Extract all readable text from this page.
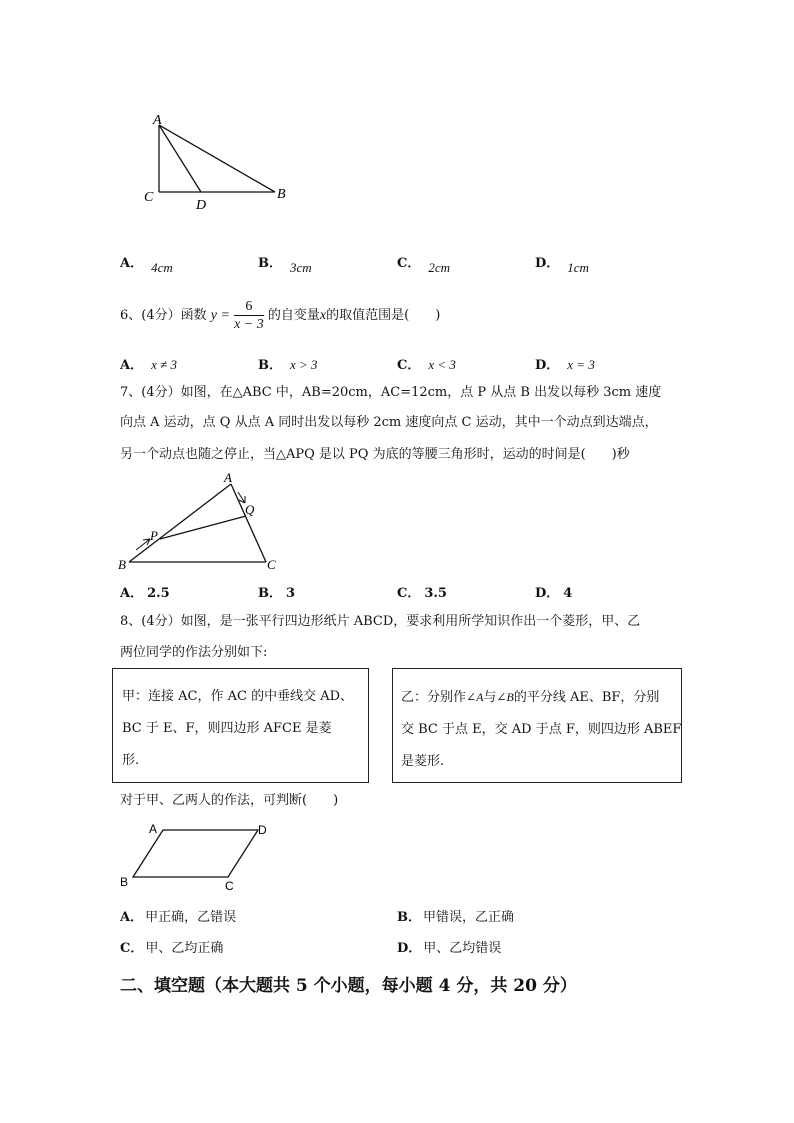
A
C
D
B
A． 4cm	B． 3cm	C． 2cm	D． 1cm
6、(4分）函数 $y = \frac{6}{x - 3}$ 的自变量x的取值范围是(　　)
A． x ≠ 3	B． x > 3	C． x < 3	D． x = 3
7、(4分）如图，在△ABC 中，AB=20cm，AC=12cm，点 P 从点 B 出发以每秒 3cm 速度
向点 A 运动，点 Q 从点 A 同时出发以每秒 2cm 速度向点 C 运动，其中一个动点到达端点，
另一个动点也随之停止，当△APQ 是以 PQ 为底的等腰三角形时，运动的时间是(　　)秒
A
Q
P
B	C
A． 2.5	B． 3	C． 3.5	D． 4
8、(4分）如图，是一张平行四边形纸片 ABCD，要求利用所学知识作出一个菱形，甲、乙
两位同学的作法分别如下:

甲：连接 AC，作 AC 的中垂线交 AD、

BC 于 E、F，则四边形 AFCE 是菱

形.

乙：分别作∠A与∠B的平分线 AE、BF，分别

交 BC 于点 E，交 AD 于点 F，则四边形 ABEF

是菱形.

对于甲、乙两人的作法，可判断(　　)
A	D
B	C
A． 甲正确，乙错误	B． 甲错误，乙正确
C． 甲、乙均正确	D． 甲、乙均错误
二、填空题（本大题共 5 个小题，每小题 4 分，共 20 分）
